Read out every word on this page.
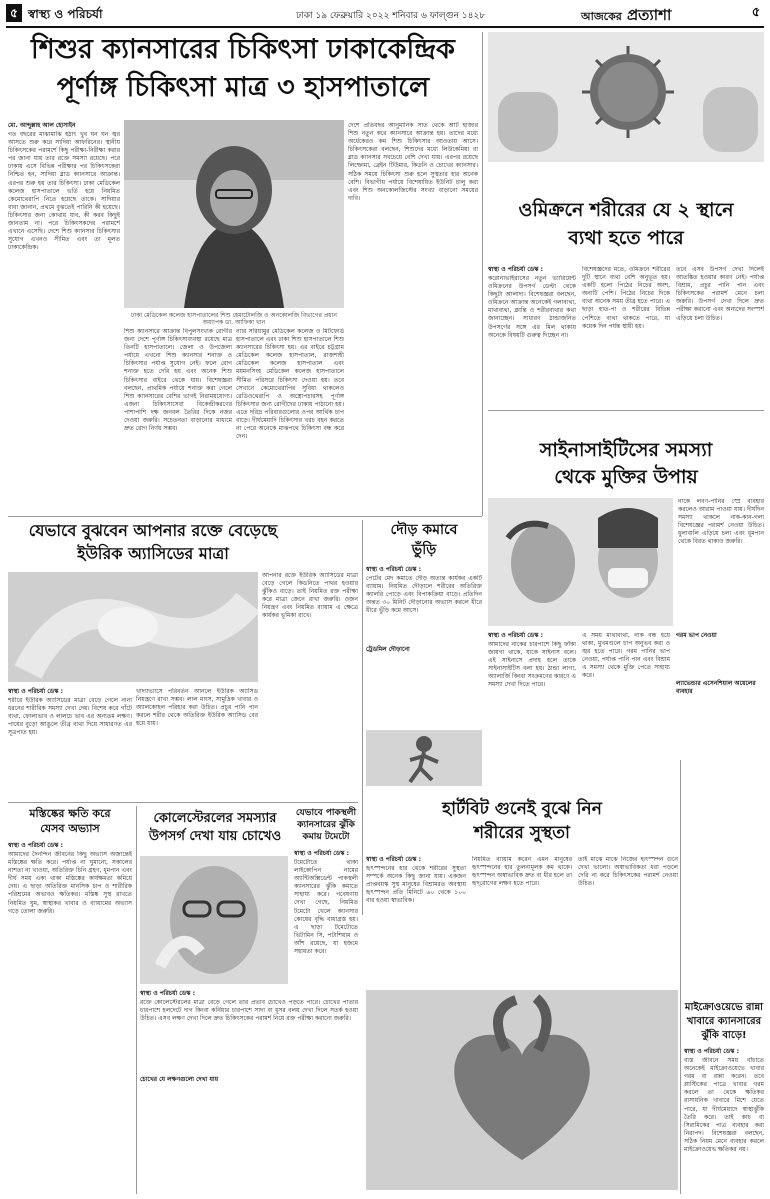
৫ স্বাস্থ্য ও পরিচর্যা	ঢাকা ১৯ ফেব্রুয়ারি ২০২২ শনিবার ৬ ফাল্গুন ১৪২৮	আজকের প্রত্যাশা	৫
শিশুর ক্যানসারের চিকিৎসা ঢাকাকেন্দ্রিক
পূর্ণাঙ্গ চিকিৎসা মাত্র ৩ হাসপাতালে
মো. আব্দুল্লাহ আল হোসাইন
গত বছরের মাঝামাঝি হঠাৎ খুব ঘন ঘন জ্বর আসতে শুরু করে সাদিয়া আফরিনের। স্থানীয় চিকিৎসকের পরামর্শে কিছু পরীক্ষা-নিরীক্ষা করার পর জানা যায় তার রক্তে সমস্যা রয়েছে। পরে ঢাকায় এসে বিভিন্ন পরীক্ষার পর চিকিৎসকেরা নিশ্চিত হন, সাদিয়া ব্লাড ক্যানসারে আক্রান্ত। এরপর শুরু হয় তার চিকিৎসা। ঢাকা মেডিকেল কলেজ হাসপাতালে ভর্তি হয়ে নিয়মিত কেমোথেরাপি নিতে হয়েছে তাকে। সাদিয়ার বাবা জানান, প্রথমে বুঝতেই পারিনি কী হয়েছে। চিকিৎসার জন্য কোথায় যাব, কী করব কিছুই জানতাম না। পরে চিকিৎসকদের পরামর্শে এখানে এসেছি। দেশে শিশু ক্যানসার চিকিৎসার সুযোগ এখনও সীমিত এবং তা মূলত ঢাকাকেন্দ্রিক।
ঢাকা মেডিকেল কলেজ হাসপাতালের শিশু হেমাটোলজি ও অনকোলজি বিভাগের প্রধান অধ্যাপক ডা. আফিকা খান
শিশু ক্যানসারে আক্রান্ত বিপুলসংখ্যক রোগীর জন্য দেশে পূর্ণাঙ্গ চিকিৎসাব্যবস্থা রয়েছে মাত্র তিনটি হাসপাতালে। জেলা ও উপজেলা পর্যায়ে এখনো শিশু ক্যানসার শনাক্ত ও চিকিৎসার পর্যাপ্ত সুযোগ নেই। ফলে রোগ শনাক্ত হতে দেরি হয় এবং অনেক শিশু চিকিৎসার বাইরে থেকে যায়। বিশেষজ্ঞরা বলছেন, প্রাথমিক পর্যায়ে শনাক্ত করা গেলে শিশু ক্যানসারের বেশির ভাগই নিরাময়যোগ্য। এজন্য চিকিৎসাসেবা বিকেন্দ্রীকরণের পাশাপাশি দক্ষ জনবল তৈরির দিকে নজর দেওয়া জরুরি। সচেতনতা বাড়ানোর মাধ্যমে দ্রুত রোগ নির্ণয় সম্ভব।
ন্যার সরিয়ামুর মেডিকেল কলেজ ও মিটফোর্ড হাসপাতালে এবং ঢাকা শিশু হাসপাতালে শিশু ক্যানসারের চিকিৎসা হয়। এর বাইরে চট্টগ্রাম মেডিকেল কলেজ হাসপাতাল, রাজশাহী মেডিকেল কলেজ হাসপাতাল এবং ময়মনসিংহ মেডিকেল কলেজ হাসপাতালে সীমিত পরিসরে চিকিৎসা দেওয়া হয়। তবে সেখানে কেমোথেরাপির সুবিধা থাকলেও রেডিওথেরাপি ও অস্ত্রোপচারসহ পূর্ণাঙ্গ চিকিৎসার জন্য রোগীদের ঢাকায় পাঠানো হয়। এতে দরিদ্র পরিবারগুলোর ওপর আর্থিক চাপ বাড়ে। দীর্ঘমেয়াদি চিকিৎসার খরচ বহন করতে না পেরে অনেকে মাঝপথে চিকিৎসা বন্ধ করে দেন।
দেশে প্রতিবছর আনুমানিক সাত থেকে আট হাজার শিশু নতুন করে ক্যানসারে আক্রান্ত হয়। তাদের মধ্যে অর্ধেকেরও কম শিশু চিকিৎসার আওতায় আসে। চিকিৎসকেরা বলছেন, শিশুদের মধ্যে লিউকেমিয়া বা ব্লাড ক্যানসার সবচেয়ে বেশি দেখা যায়। এরপর রয়েছে লিম্ফোমা, ব্রেইন টিউমার, কিডনি ও চোখের ক্যানসার। সঠিক সময়ে চিকিৎসা শুরু হলে সুস্থতার হার অনেক বেশি। বিভাগীয় পর্যায়ে বিশেষায়িত ইউনিট চালু করা এবং শিশু অনকোলজিস্টের সংখ্যা বাড়ানো সময়ের দাবি।
ওমিক্রনে শরীরের যে ২ স্থানে
ব্যথা হতে পারে
স্বাস্থ্য ও পরিচর্যা ডেস্ক :
করোনাভাইরাসের নতুন ভ্যারিয়েন্ট ওমিক্রনের উপসর্গ ডেল্টা থেকে কিছুটা আলাদা। বিশেষজ্ঞরা বলছেন, ওমিক্রনে আক্রান্ত অনেকেই গলাব্যথা, মাথাব্যথা, ক্লান্তি ও শরীরব্যথার কথা জানাচ্ছেন। সাধারণ ঠান্ডাজনিত উপসর্গের সঙ্গে এর মিল থাকায় অনেকে বিষয়টি গুরুত্ব দিচ্ছেন না।
বিশেষজ্ঞদের মতে, ওমিক্রনে শরীরের দুটি স্থানে ব্যথা বেশি অনুভূত হয়। একটি হলো পিঠের নিচের অংশ, অন্যটি পেশি। পিঠের নিচের দিকে ব্যথা অনেক সময় তীব্র হতে পারে। এ ছাড়া হাত-পা ও শরীরের বিভিন্ন পেশিতে ব্যথা থাকতে পারে, যা কয়েক দিন পর্যন্ত স্থায়ী হয়।
তবে এসব উপসর্গ দেখা দিলেই আতঙ্কিত হওয়ার কারণ নেই। পর্যাপ্ত বিশ্রাম, প্রচুর পানি পান এবং চিকিৎসকের পরামর্শ মেনে চলা জরুরি। উপসর্গ দেখা দিলে দ্রুত পরীক্ষা করানো এবং অন্যদের সংস্পর্শ এড়িয়ে চলা উচিত।
সাইনাসাইটিসের সমস্যা
থেকে মুক্তির উপায়
নাকে লবণ-পানির স্প্রে ব্যবহার করলেও আরাম পাওয়া যায়। দীর্ঘদিন সমস্যা থাকলে নাক-কান-গলা বিশেষজ্ঞের পরামর্শ নেওয়া উচিত। ধুলাবালি এড়িয়ে চলা এবং ধূমপান থেকে বিরত থাকাও জরুরি।
স্বাস্থ্য ও পরিচর্যা ডেস্ক :
আমাদের নাকের চারপাশে কিছু ফাঁকা জায়গা থাকে, যাকে সাইনাস বলে। এই সাইনাসে প্রদাহ হলে তাকে সাইনাসাইটিস বলা হয়। ঠান্ডা লাগা, অ্যালার্জি কিংবা সংক্রমণের কারণে এ সমস্যা দেখা দিতে পারে।
এ সময় মাথাব্যথা, নাক বন্ধ হয়ে থাকা, মুখমণ্ডলে চাপ অনুভব করা ও জ্বর হতে পারে। গরম পানির ভাপ নেওয়া, পর্যাপ্ত পানি পান এবং বিশ্রাম এ সমস্যা থেকে মুক্তি পেতে সাহায্য করে।
গরম ভাপ নেওয়া
ল্যাভেন্ডার এসেনশিয়াল অয়েলের ব্যবহার
যেভাবে বুঝবেন আপনার রক্তে বেড়েছে
ইউরিক অ্যাসিডের মাত্রা
স্বাস্থ্য ও পরিচর্যা ডেস্ক :
শরীরে ইউরিক অ্যাসিডের মাত্রা বেড়ে গেলে নানা ধরনের শারীরিক সমস্যা দেখা দেয়। বিশেষ করে গাঁটে ব্যথা, ফোলাভাব ও লালচে ভাব এর অন্যতম লক্ষণ। পায়ের বুড়ো আঙুলে তীব্র ব্যথা দিয়ে সাধারণত এর সূত্রপাত হয়।
খাদ্যাভ্যাসে পরিবর্তন আনলে ইউরিক অ্যাসিড নিয়ন্ত্রণে রাখা সম্ভব। লাল মাংস, সামুদ্রিক খাবার ও অ্যালকোহল পরিহার করা উচিত। প্রচুর পানি পান করলে শরীর থেকে অতিরিক্ত ইউরিক অ্যাসিড বের হয়ে যায়।
আপনার রক্তে ইউরিক অ্যাসিডের মাত্রা বেড়ে গেলে কিডনিতে পাথর হওয়ার ঝুঁকিও বাড়ে। তাই নিয়মিত রক্ত পরীক্ষা করে মাত্রা জেনে রাখা জরুরি। ওজন নিয়ন্ত্রণ এবং নিয়মিত ব্যায়াম এ ক্ষেত্রে কার্যকর ভূমিকা রাখে।
দৌড় কমাবে
ভুঁড়ি
স্বাস্থ্য ও পরিচর্যা ডেস্ক :
পেটের মেদ কমাতে দৌড় অত্যন্ত কার্যকর একটি ব্যায়াম। নিয়মিত দৌড়ালে শরীরের অতিরিক্ত ক্যালরি পোড়ে এবং বিপাকক্রিয়া বাড়ে। প্রতিদিন অন্তত ৩০ মিনিট দৌড়ানোর অভ্যাস করলে ধীরে ধীরে ভুঁড়ি কমে আসে।
ট্রেডমিল দৌড়ানো
মস্তিষ্কের ক্ষতি করে
যেসব অভ্যাস
স্বাস্থ্য ও পরিচর্যা ডেস্ক :
আমাদের দৈনন্দিন জীবনের কিছু অভ্যাস অজান্তেই মস্তিষ্কের ক্ষতি করে। পর্যাপ্ত না ঘুমানো, সকালের নাশতা না খাওয়া, অতিরিক্ত চিনি গ্রহণ, ধূমপান এবং দীর্ঘ সময় একা থাকা মস্তিষ্কের কার্যক্ষমতা কমিয়ে দেয়। এ ছাড়া অতিরিক্ত মানসিক চাপ ও শারীরিক পরিশ্রমের অভাবও ক্ষতিকর। মস্তিষ্ক সুস্থ রাখতে নিয়মিত ঘুম, স্বাস্থ্যকর খাবার ও ব্যায়ামের অভ্যাস গড়ে তোলা জরুরি।
কোলেস্টেরলের সমস্যার
উপসর্গ দেখা যায় চোখেও
স্বাস্থ্য ও পরিচর্যা ডেস্ক :
রক্তে কোলেস্টেরলের মাত্রা বেড়ে গেলে তার প্রভাব চোখেও পড়তে পারে। চোখের পাতার চারপাশে হলদেটে দাগ কিংবা কর্নিয়ার চারপাশে সাদা বা ধূসর বলয় দেখা দিলে সতর্ক হওয়া উচিত। এসব লক্ষণ দেখা দিলে দ্রুত চিকিৎসকের পরামর্শ নিয়ে রক্ত পরীক্ষা করানো জরুরি।
চোখের যে লক্ষণগুলো দেখা যায়
যেভাবে পাকস্থলী
ক্যানসারের ঝুঁকি
কমায় টমেটো
স্বাস্থ্য ও পরিচর্যা ডেস্ক :
টমেটোতে থাকা লাইকোপিন নামের অ্যান্টিঅক্সিডেন্ট পাকস্থলী ক্যানসারের ঝুঁকি কমাতে সাহায্য করে। গবেষণায় দেখা গেছে, নিয়মিত টমেটো খেলে ক্যানসার কোষের বৃদ্ধি বাধাগ্রস্ত হয়। এ ছাড়া টমেটোতে ভিটামিন সি, পটাশিয়াম ও আঁশ রয়েছে, যা হজমে সহায়তা করে।
হার্টবিট গুনেই বুঝে নিন
শরীরের সুস্থতা
স্বাস্থ্য ও পরিচর্যা ডেস্ক :
হৃৎস্পন্দনের হার থেকে শরীরের সুস্থতা সম্পর্কে অনেক কিছু জানা যায়। একজন প্রাপ্তবয়স্ক সুস্থ মানুষের বিশ্রামরত অবস্থায় হৃৎস্পন্দন প্রতি মিনিটে ৬০ থেকে ১০০ বার হওয়া স্বাভাবিক।
নিয়মিত ব্যায়াম করেন এমন মানুষের হৃৎস্পন্দনের হার তুলনামূলক কম থাকে। হৃৎস্পন্দন অস্বাভাবিক দ্রুত বা ধীর হলে তা হৃদ্‌রোগের লক্ষণ হতে পারে।
তাই মাঝে মাঝে নিজের হৃৎস্পন্দন গুনে দেখা ভালো। অস্বাভাবিকতা ধরা পড়লে দেরি না করে চিকিৎসকের পরামর্শ নেওয়া উচিত।
মাইক্রোওয়েভে রান্না
খাবারে ক্যানসারের
ঝুঁকি বাড়ে!
স্বাস্থ্য ও পরিচর্যা ডেস্ক :
ব্যস্ত জীবনে সময় বাঁচাতে অনেকেই মাইক্রোওয়েভে খাবার গরম বা রান্না করেন। তবে প্লাস্টিকের পাত্রে খাবার গরম করলে তা থেকে ক্ষতিকর রাসায়নিক খাবারে মিশে যেতে পারে, যা দীর্ঘমেয়াদে স্বাস্থ্যঝুঁকি তৈরি করে। তাই কাচ বা সিরামিকের পাত্র ব্যবহার করা নিরাপদ। বিশেষজ্ঞরা বলছেন, সঠিক নিয়ম মেনে ব্যবহার করলে মাইক্রোওয়েভ ক্ষতিকর নয়।
